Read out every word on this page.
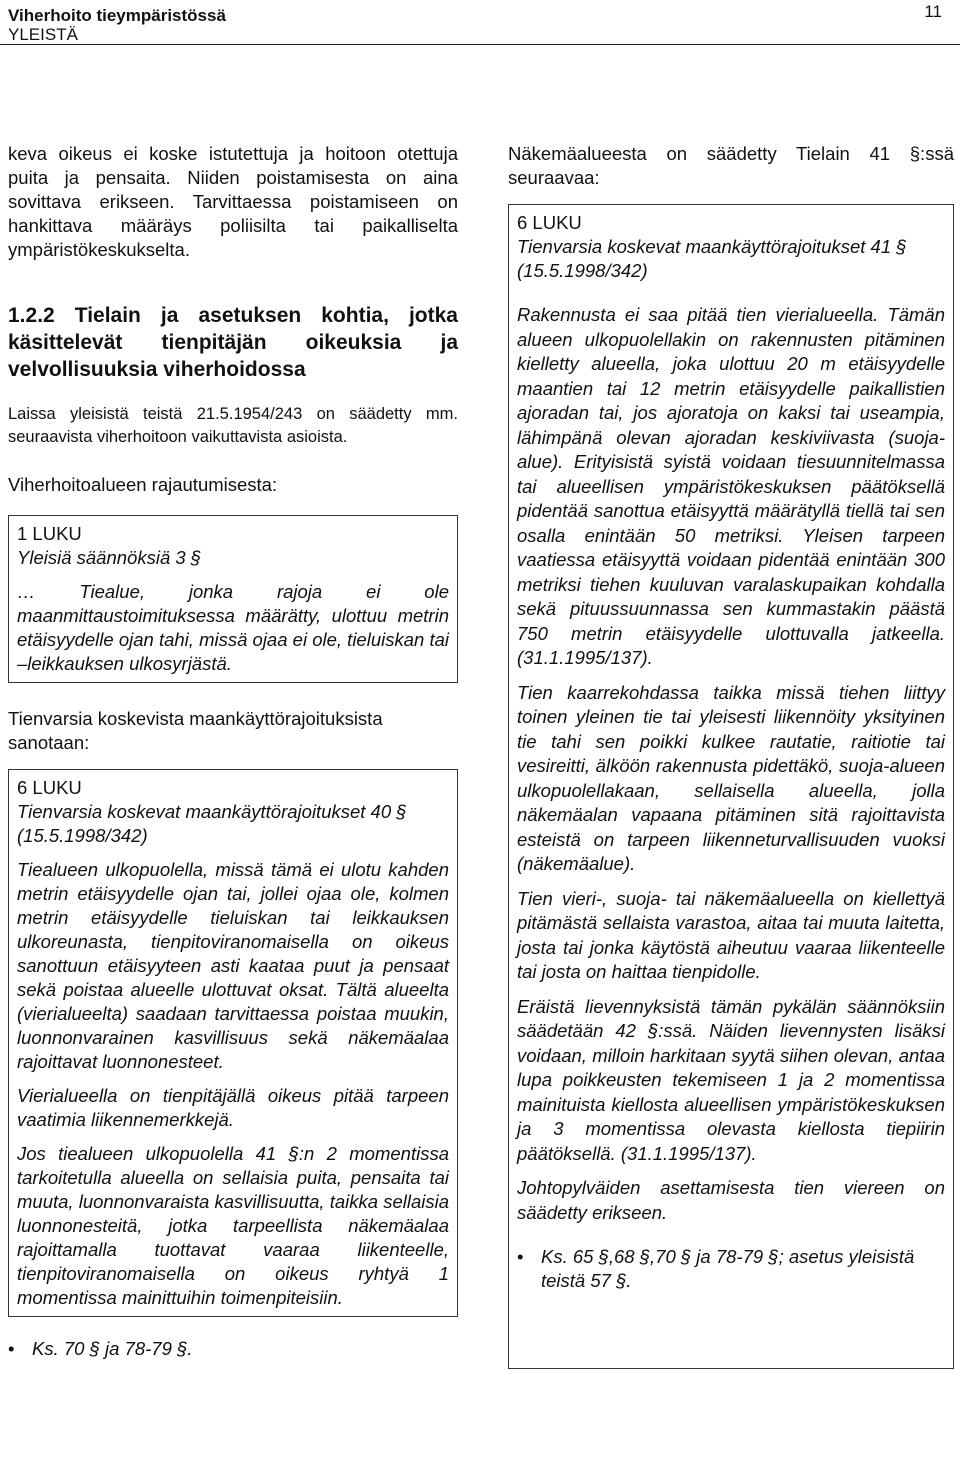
Viherhoito tieympäristössä
YLEISTÄ
11

keva oikeus ei koske istutettuja ja hoitoon otettuja puita ja pensaita. Niiden poistamisesta on aina sovittava erikseen. Tarvittaessa poistamiseen on hankittava määräys poliisilta tai paikalliselta ympäristökeskukselta.

1.2.2 Tielain ja asetuksen kohtia, jotka käsittelevät tienpitäjän oikeuksia ja velvollisuuksia viherhoidossa

Laissa yleisistä teistä 21.5.1954/243 on säädetty mm. seuraavista viherhoitoon vaikuttavista asioista.

Viherhoitoalueen rajautumisesta:

1 LUKU
Yleisiä säännöksiä 3 §

… Tiealue, jonka rajoja ei ole maanmittaustoimituksessa määrätty, ulottuu metrin etäisyydelle ojan tahi, missä ojaa ei ole, tieluiskan tai –leikkauksen ulkosyrjästä.

Tienvarsia koskevista maankäyttörajoituksista sanotaan:

6 LUKU
Tienvarsia koskevat maankäyttörajoitukset 40 § (15.5.1998/342)

Tiealueen ulkopuolella, missä tämä ei ulotu kahden metrin etäisyydelle ojan tai, jollei ojaa ole, kolmen metrin etäisyydelle tieluiskan tai leikkauksen ulkoreunasta, tienpitoviranomaisella on oikeus sanottuun etäisyyteen asti kaataa puut ja pensaat sekä poistaa alueelle ulottuvat oksat. Tältä alueelta (vierialueelta) saadaan tarvittaessa poistaa muukin, luonnonvarainen kasvillisuus sekä näkemäalaa rajoittavat luonnonesteet.

Vierialueella on tienpitäjällä oikeus pitää tarpeen vaatimia liikennemerkkejä.

Jos tiealueen ulkopuolella 41 §:n 2 momentissa tarkoitetulla alueella on sellaisia puita, pensaita tai muuta, luonnonvaraista kasvillisuutta, taikka sellaisia luonnonesteitä, jotka tarpeellista näkemäalaa rajoittamalla tuottavat vaaraa liikenteelle, tienpitoviranomaisella on oikeus ryhtyä 1 momentissa mainittuihin toimenpiteisiin.

• Ks. 70 § ja 78-79 §.

Näkemäalueesta on säädetty Tielain 41 §:ssä seuraavaa:

6 LUKU
Tienvarsia koskevat maankäyttörajoitukset 41 § (15.5.1998/342)

Rakennusta ei saa pitää tien vierialueella. Tämän alueen ulkopuolellakin on rakennusten pitäminen kielletty alueella, joka ulottuu 20 m etäisyydelle maantien tai 12 metrin etäisyydelle paikallistien ajoradan tai, jos ajoratoja on kaksi tai useampia, lähimpänä olevan ajoradan keskiviivasta (suoja-alue). Erityisistä syistä voidaan tiesuunnitelmassa tai alueellisen ympäristökeskuksen päätöksellä pidentää sanottua etäisyyttä määrätyllä tiellä tai sen osalla enintään 50 metriksi. Yleisen tarpeen vaatiessa etäisyyttä voidaan pidentää enintään 300 metriksi tiehen kuuluvan varalaskupaikan kohdalla sekä pituussuunnassa sen kummastakin päästä 750 metrin etäisyydelle ulottuvalla jatkeella. (31.1.1995/137).

Tien kaarrekohdassa taikka missä tiehen liittyy toinen yleinen tie tai yleisesti liikennöity yksityinen tie tahi sen poikki kulkee rautatie, raitiotie tai vesireitti, älköön rakennusta pidettäkö, suoja-alueen ulkopuolellakaan, sellaisella alueella, jolla näkemäalan vapaana pitäminen sitä rajoittavista esteistä on tarpeen liikenneturvallisuuden vuoksi (näkemäalue).

Tien vieri-, suoja- tai näkemäalueella on kiellettyä pitämästä sellaista varastoa, aitaa tai muuta laitetta, josta tai jonka käytöstä aiheutuu vaaraa liikenteelle tai josta on haittaa tienpidolle.

Eräistä lievennyksistä tämän pykälän säännöksiin säädetään 42 §:ssä. Näiden lievennysten lisäksi voidaan, milloin harkitaan syytä siihen olevan, antaa lupa poikkeusten tekemiseen 1 ja 2 momentissa mainituista kiellosta alueellisen ympäristökeskuksen ja 3 momentissa olevasta kiellosta tiepiirin päätöksellä. (31.1.1995/137).

Johtopylväiden asettamisesta tien viereen on säädetty erikseen.

• Ks. 65 §,68 §,70 § ja 78-79 §; asetus yleisistä teistä 57 §.
